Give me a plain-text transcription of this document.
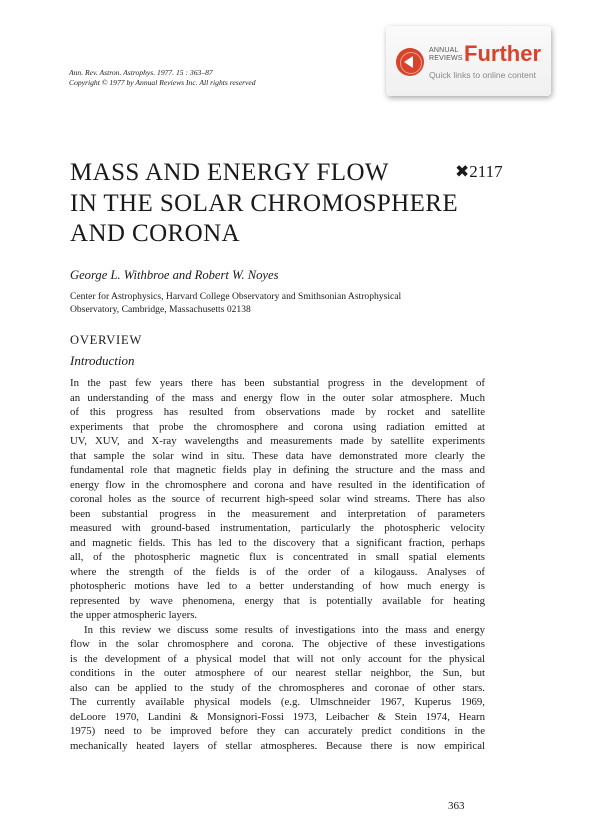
Ann. Rev. Astron. Astrophys. 1977. 15 : 363–87
Copyright © 1977 by Annual Reviews Inc. All rights reserved
ANNUAL
REVIEWS Further
Quick links to online content
MASS AND ENERGY FLOW
IN THE SOLAR CHROMOSPHERE
AND CORONA
✖2117
George L. Withbroe and Robert W. Noyes
Center for Astrophysics, Harvard College Observatory and Smithsonian Astrophysical
Observatory, Cambridge, Massachusetts 02138
OVERVIEW
Introduction
In the past few years there has been substantial progress in the development of
an understanding of the mass and energy flow in the outer solar atmosphere. Much
of this progress has resulted from observations made by rocket and satellite
experiments that probe the chromosphere and corona using radiation emitted at
UV, XUV, and X-ray wavelengths and measurements made by satellite experiments
that sample the solar wind in situ. These data have demonstrated more clearly the
fundamental role that magnetic fields play in defining the structure and the mass and
energy flow in the chromosphere and corona and have resulted in the identification of
coronal holes as the source of recurrent high-speed solar wind streams. There has also
been substantial progress in the measurement and interpretation of parameters
measured with ground-based instrumentation, particularly the photospheric velocity
and magnetic fields. This has led to the discovery that a significant fraction, perhaps
all, of the photospheric magnetic flux is concentrated in small spatial elements
where the strength of the fields is of the order of a kilogauss. Analyses of
photospheric motions have led to a better understanding of how much energy is
represented by wave phenomena, energy that is potentially available for heating
the upper atmospheric layers.
In this review we discuss some results of investigations into the mass and energy
flow in the solar chromosphere and corona. The objective of these investigations
is the development of a physical model that will not only account for the physical
conditions in the outer atmosphere of our nearest stellar neighbor, the Sun, but
also can be applied to the study of the chromospheres and coronae of other stars.
The currently available physical models (e.g. Ulmschneider 1967, Kuperus 1969,
deLoore 1970, Landini & Monsignori-Fossi 1973, Leibacher & Stein 1974, Hearn
1975) need to be improved before they can accurately predict conditions in the
mechanically heated layers of stellar atmospheres. Because there is now empirical
363
